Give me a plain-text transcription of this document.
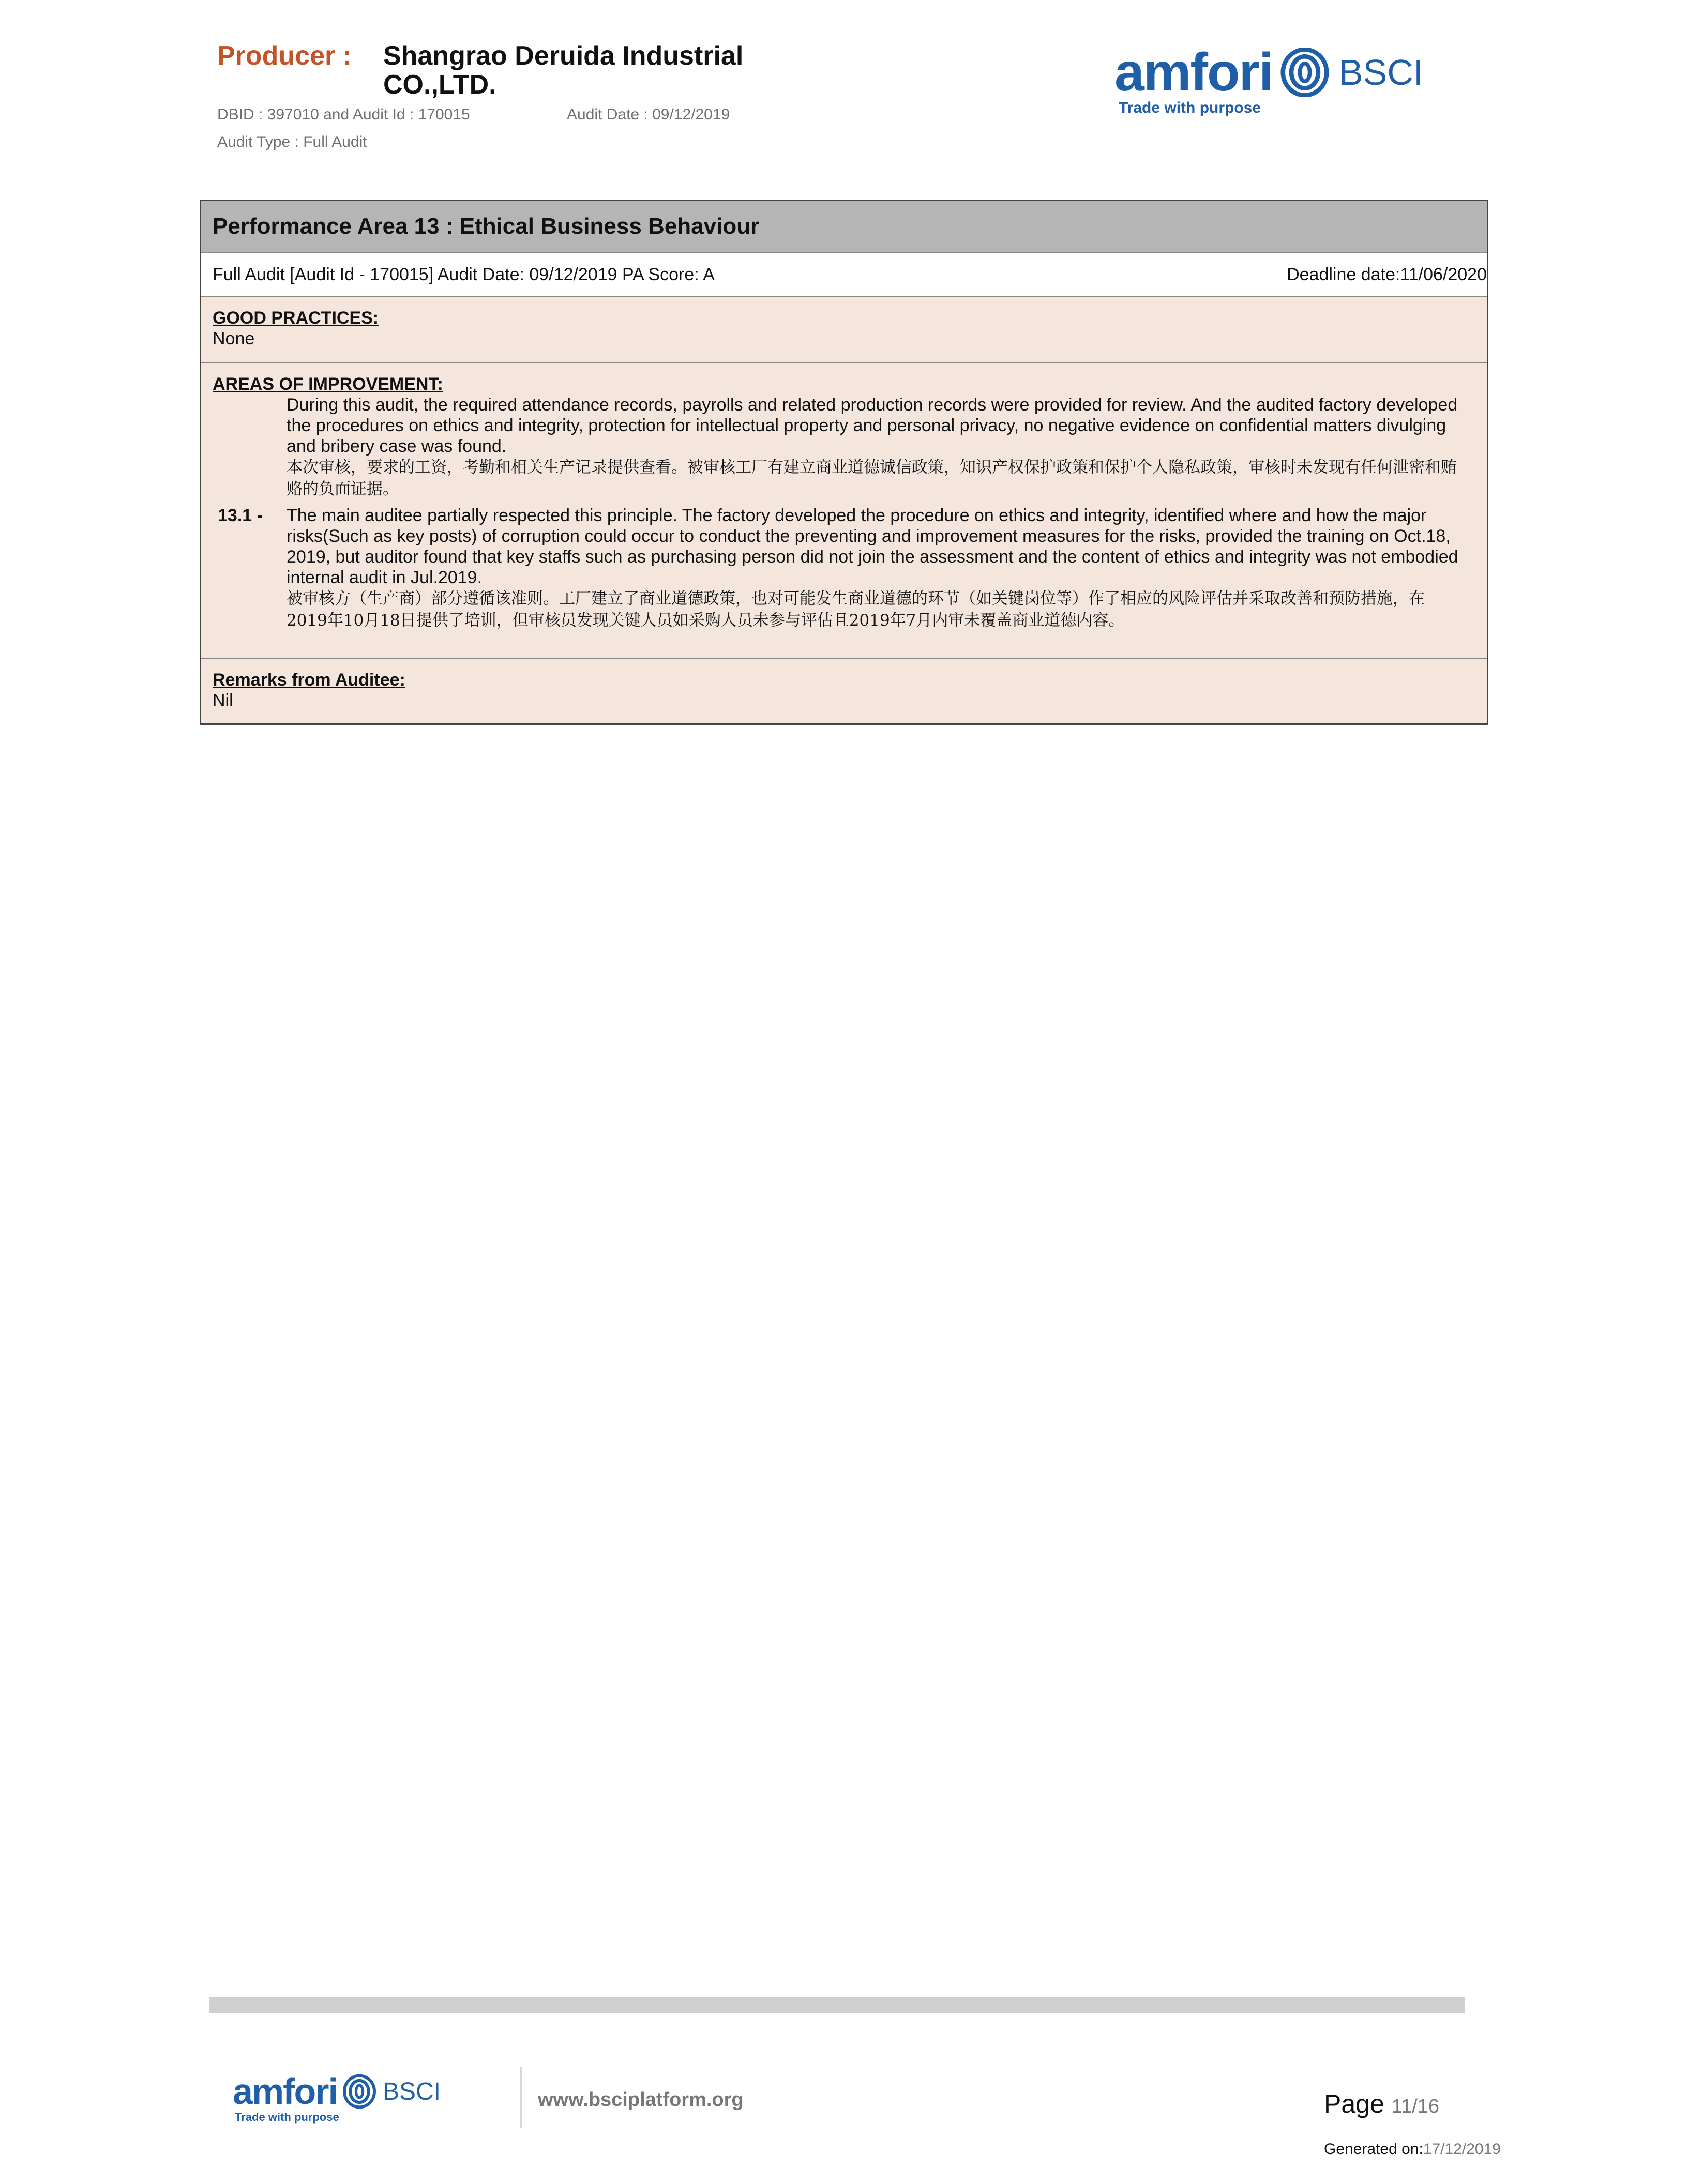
Producer : Shangrao Deruida Industrial
CO.,LTD.
DBID : 397010 and Audit Id : 170015	Audit Date : 09/12/2019
Audit Type : Full Audit
amfori BSCI
Trade with purpose
Performance Area 13 : Ethical Business Behaviour
Full Audit [Audit Id - 170015] Audit Date: 09/12/2019 PA Score: A	Deadline date:11/06/2020
GOOD PRACTICES:
None
AREAS OF IMPROVEMENT:
During this audit, the required attendance records, payrolls and related production records were provided for review. And the audited factory developed the procedures on ethics and integrity, protection for intellectual property and personal privacy, no negative evidence on confidential matters divulging and bribery case was found.
本次审核，要求的工资，考勤和相关生产记录提供查看。被审核工厂有建立商业道德诚信政策，知识产权保护政策和保护个人隐私政策，审核时未发现有任何泄密和贿赂的负面证据。
13.1 -	The main auditee partially respected this principle. The factory developed the procedure on ethics and integrity, identified where and how the major risks(Such as key posts) of corruption could occur to conduct the preventing and improvement measures for the risks, provided the training on Oct.18, 2019, but auditor found that key staffs such as purchasing person did not join the assessment and the content of ethics and integrity was not embodied internal audit in Jul.2019.
被审核方（生产商）部分遵循该准则。工厂建立了商业道德政策，也对可能发生商业道德的环节（如关键岗位等）作了相应的风险评估并采取改善和预防措施，在2019年10月18日提供了培训，但审核员发现关键人员如采购人员未参与评估且2019年7月内审未覆盖商业道德内容。
Remarks from Auditee:
Nil
amfori BSCI
Trade with purpose
www.bsciplatform.org	Page 11/16
Generated on:17/12/2019
